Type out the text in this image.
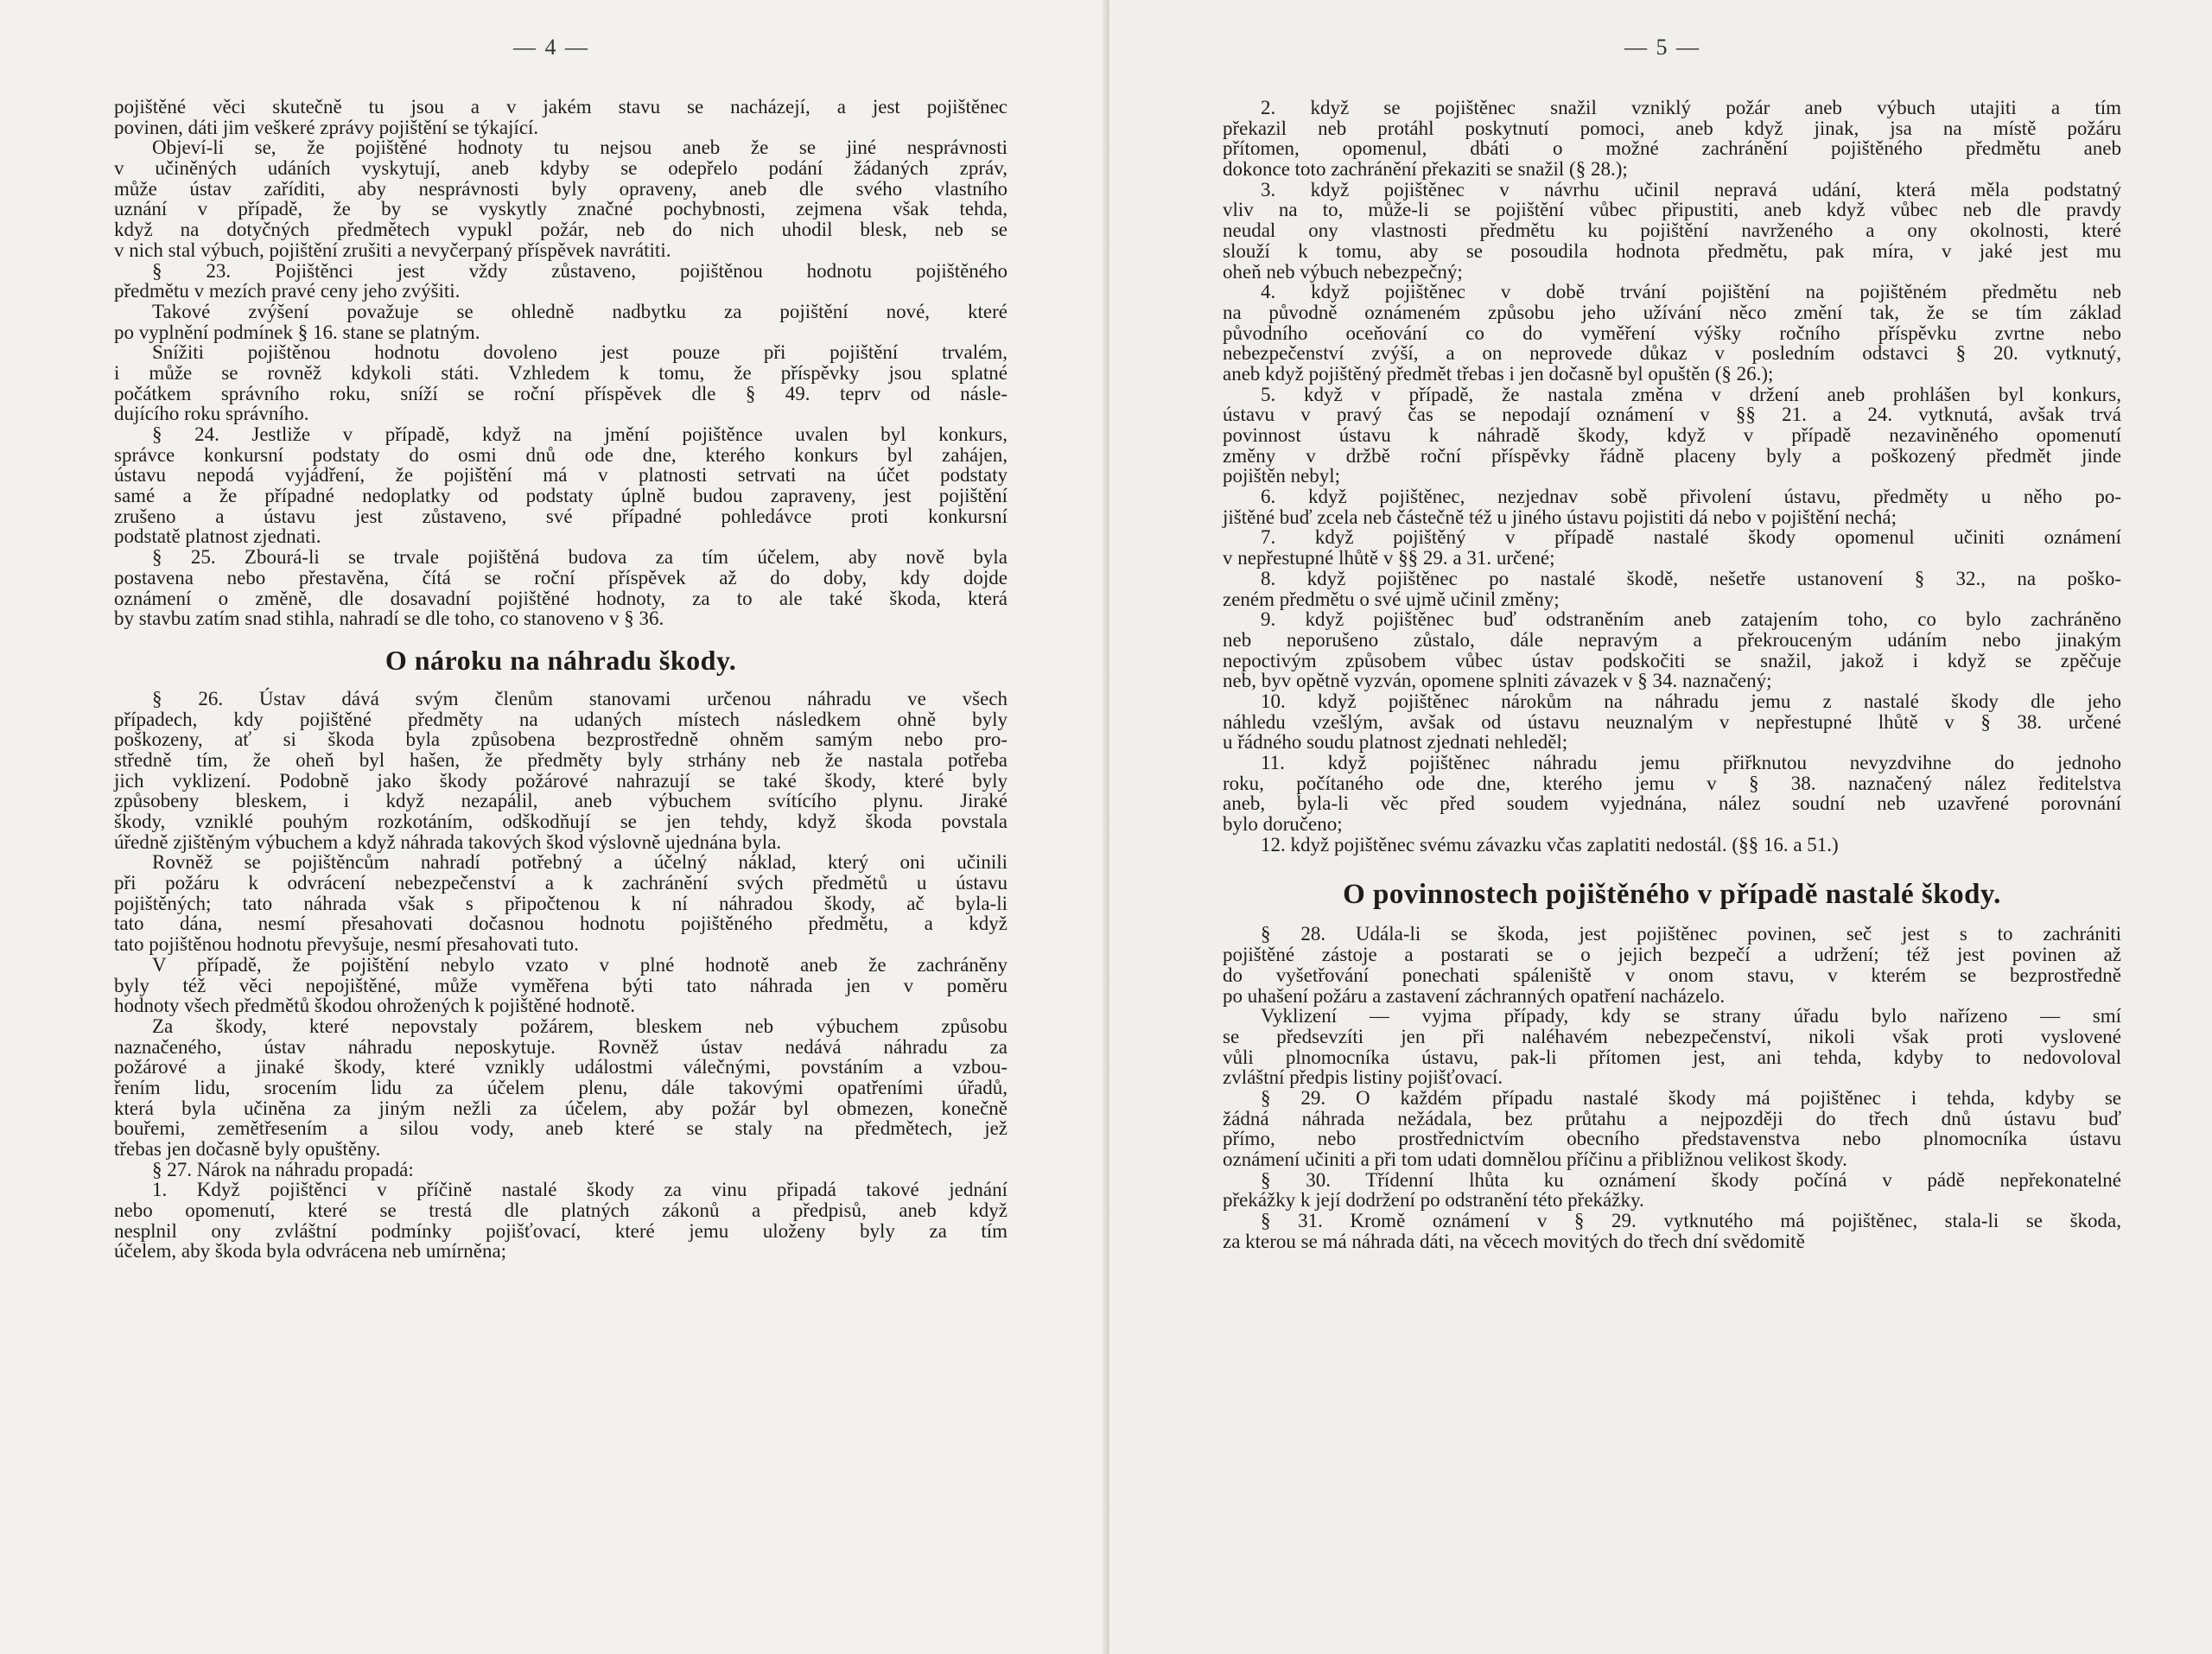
— 4 —
pojištěné věci skutečně tu jsou a v jakém stavu se nacházejí, a jest pojištěnec
povinen, dáti jim veškeré zprávy pojištění se týkající.
Objeví-li se, že pojištěné hodnoty tu nejsou aneb že se jiné nesprávnosti
v učiněných udáních vyskytují, aneb kdyby se odepřelo podání žádaných zpráv,
může ústav zaříditi, aby nesprávnosti byly opraveny, aneb dle svého vlastního
uznání v případě, že by se vyskytly značné pochybnosti, zejmena však tehda,
když na dotyčných předmětech vypukl požár, neb do nich uhodil blesk, neb se
v nich stal výbuch, pojištění zrušiti a nevyčerpaný příspěvek navrátiti.
§ 23. Pojištěnci jest vždy zůstaveno, pojištěnou hodnotu pojištěného
předmětu v mezích pravé ceny jeho zvýšiti.
Takové zvýšení považuje se ohledně nadbytku za pojištění nové, které
po vyplnění podmínek § 16. stane se platným.
Snížiti pojištěnou hodnotu dovoleno jest pouze při pojištění trvalém,
i může se rovněž kdykoli státi. Vzhledem k tomu, že příspěvky jsou splatné
počátkem správního roku, sníží se roční příspěvek dle § 49. teprv od násle-
dujícího roku správního.
§ 24. Jestliže v případě, když na jmění pojištěnce uvalen byl konkurs,
správce konkursní podstaty do osmi dnů ode dne, kterého konkurs byl zahájen,
ústavu nepodá vyjádření, že pojištění má v platnosti setrvati na účet podstaty
samé a že případné nedoplatky od podstaty úplně budou zapraveny, jest pojištění
zrušeno a ústavu jest zůstaveno, své případné pohledávce proti konkursní
podstatě platnost zjednati.
§ 25. Zbourá-li se trvale pojištěná budova za tím účelem, aby nově byla
postavena nebo přestavěna, čítá se roční příspěvek až do doby, kdy dojde
oznámení o změně, dle dosavadní pojištěné hodnoty, za to ale také škoda, která
by stavbu zatím snad stihla, nahradí se dle toho, co stanoveno v § 36.
O nároku na náhradu škody.
§ 26. Ústav dává svým členům stanovami určenou náhradu ve všech
případech, kdy pojištěné předměty na udaných místech následkem ohně byly
poškozeny, ať si škoda byla způsobena bezprostředně ohněm samým nebo pro-
středně tím, že oheň byl hašen, že předměty byly strhány neb že nastala potřeba
jich vyklizení. Podobně jako škody požárové nahrazují se také škody, které byly
způsobeny bleskem, i když nezapálil, aneb výbuchem svítícího plynu. Jiraké
škody, vzniklé pouhým rozkotáním, odškodňují se jen tehdy, když škoda povstala
úředně zjištěným výbuchem a když náhrada takových škod výslovně ujednána byla.
Rovněž se pojištěncům nahradí potřebný a účelný náklad, který oni učinili
při požáru k odvrácení nebezpečenství a k zachránění svých předmětů u ústavu
pojištěných; tato náhrada však s připočtenou k ní náhradou škody, ač byla-li
tato dána, nesmí přesahovati dočasnou hodnotu pojištěného předmětu, a když
tato pojištěnou hodnotu převyšuje, nesmí přesahovati tuto.
V případě, že pojištění nebylo vzato v plné hodnotě aneb že zachráněny
byly též věci nepojištěné, může vyměřena býti tato náhrada jen v poměru
hodnoty všech předmětů škodou ohrožených k pojištěné hodnotě.
Za škody, které nepovstaly požárem, bleskem neb výbuchem způsobu
naznačeného, ústav náhradu neposkytuje. Rovněž ústav nedává náhradu za
požárové a jinaké škody, které vznikly událostmi válečnými, povstáním a vzbou-
řením lidu, srocením lidu za účelem plenu, dále takovými opatřeními úřadů,
která byla učiněna za jiným nežli za účelem, aby požár byl obmezen, konečně
bouřemi, zemětřesením a silou vody, aneb které se staly na předmětech, jež
třebas jen dočasně byly opuštěny.
§ 27. Nárok na náhradu propadá:
1. Když pojištěnci v příčině nastalé škody za vinu připadá takové jednání
nebo opomenutí, které se trestá dle platných zákonů a předpisů, aneb když
nesplnil ony zvláštní podmínky pojišťovací, které jemu uloženy byly za tím
účelem, aby škoda byla odvrácena neb umírněna;
— 5 —
2. když se pojištěnec snažil vzniklý požár aneb výbuch utajiti a tím
překazil neb protáhl poskytnutí pomoci, aneb když jinak, jsa na místě požáru
přítomen, opomenul, dbáti o možné zachránění pojištěného předmětu aneb
dokonce toto zachránění překaziti se snažil (§ 28.);
3. když pojištěnec v návrhu učinil nepravá udání, která měla podstatný
vliv na to, může-li se pojištění vůbec připustiti, aneb když vůbec neb dle pravdy
neudal ony vlastnosti předmětu ku pojištění navrženého a ony okolnosti, které
slouží k tomu, aby se posoudila hodnota předmětu, pak míra, v jaké jest mu
oheň neb výbuch nebezpečný;
4. když pojištěnec v době trvání pojištění na pojištěném předmětu neb
na původně oznámeném způsobu jeho užívání něco změní tak, že se tím základ
původního oceňování co do vyměření výšky ročního příspěvku zvrtne nebo
nebezpečenství zvýší, a on neprovede důkaz v posledním odstavci § 20. vytknutý,
aneb když pojištěný předmět třebas i jen dočasně byl opuštěn (§ 26.);
5. když v případě, že nastala změna v držení aneb prohlášen byl konkurs,
ústavu v pravý čas se nepodají oznámení v §§ 21. a 24. vytknutá, avšak trvá
povinnost ústavu k náhradě škody, když v případě nezaviněného opomenutí
změny v držbě roční příspěvky řádně placeny byly a poškozený předmět jinde
pojištěn nebyl;
6. když pojištěnec, nezjednav sobě přivolení ústavu, předměty u něho po-
jištěné buď zcela neb částečně též u jiného ústavu pojistiti dá nebo v pojištění nechá;
7. když pojištěný v případě nastalé škody opomenul učiniti oznámení
v nepřestupné lhůtě v §§ 29. a 31. určené;
8. když pojištěnec po nastalé škodě, nešetře ustanovení § 32., na poško-
zeném předmětu o své ujmě učinil změny;
9. když pojištěnec buď odstraněním aneb zatajením toho, co bylo zachráněno
neb neporušeno zůstalo, dále nepravým a překrouceným udáním nebo jinakým
nepoctivým způsobem vůbec ústav podskočiti se snažil, jakož i když se zpěčuje
neb, byv opětně vyzván, opomene splniti závazek v § 34. naznačený;
10. když pojištěnec nárokům na náhradu jemu z nastalé škody dle jeho
náhledu vzešlým, avšak od ústavu neuznalým v nepřestupné lhůtě v § 38. určené
u řádného soudu platnost zjednati nehleděl;
11. když pojištěnec náhradu jemu přiřknutou nevyzdvihne do jednoho
roku, počítaného ode dne, kterého jemu v § 38. naznačený nález ředitelstva
aneb, byla-li věc před soudem vyjednána, nález soudní neb uzavřené porovnání
bylo doručeno;
12. když pojištěnec svému závazku včas zaplatiti nedostál. (§§ 16. a 51.)
O povinnostech pojištěného v případě nastalé škody.
§ 28. Udála-li se škoda, jest pojištěnec povinen, seč jest s to zachrániti
pojištěné zástoje a postarati se o jejich bezpečí a udržení; též jest povinen až
do vyšetřování ponechati spáleniště v onom stavu, v kterém se bezprostředně
po uhašení požáru a zastavení záchranných opatření nacházelo.
Vyklizení — vyjma případy, kdy se strany úřadu bylo nařízeno — smí
se předsevzíti jen při naléhavém nebezpečenství, nikoli však proti vyslovené
vůli plnomocníka ústavu, pak-li přítomen jest, ani tehda, kdyby to nedovoloval
zvláštní předpis listiny pojišťovací.
§ 29. O každém případu nastalé škody má pojištěnec i tehda, kdyby se
žádná náhrada nežádala, bez průtahu a nejpozději do třech dnů ústavu buď
přímo, nebo prostřednictvím obecního představenstva nebo plnomocníka ústavu
oznámení učiniti a při tom udati domnělou příčinu a přibližnou velikost škody.
§ 30. Třídenní lhůta ku oznámení škody počíná v pádě nepřekonatelné
překážky k její dodržení po odstranění této překážky.
§ 31. Kromě oznámení v § 29. vytknutého má pojištěnec, stala-li se škoda,
za kterou se má náhrada dáti, na věcech movitých do třech dní svědomitě
